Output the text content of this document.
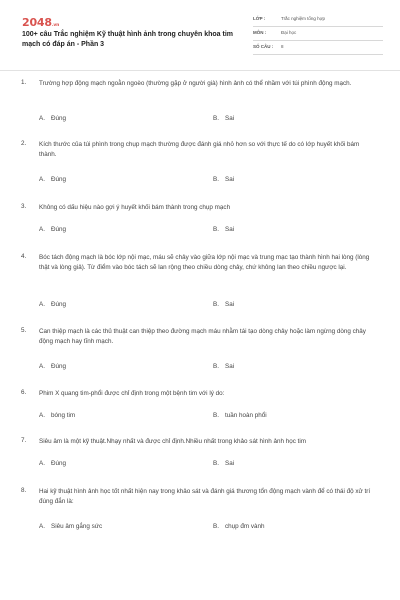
2048.vn
100+ câu Trắc nghiệm Kỹ thuật hình ảnh trong chuyên khoa tim mạch có đáp án - Phần 3
LỚP :	Trắc nghiệm tổng hợp
MÔN :	Đại học
SỐ CÂU : 8
1. Trường hợp động mạch ngoằn ngoèo (thường gặp ở người già) hình ảnh có thể nhầm với túi phình động mạch.
A. Đúng	B. Sai
2. Kích thước của túi phình trong chụp mạch thường được đánh giá nhỏ hơn so với thực tế do có lớp huyết khối bám thành.
A. Đúng	B. Sai
3. Không có dấu hiệu nào gợi ý huyết khối bám thành trong chụp mạch
A. Đúng	B. Sai
4. Bóc tách động mạch là bóc lớp nội mạc, máu sẽ chảy vào giữa lớp nội mạc và trung mạc tạo thành hình hai lòng (lòng thật và lòng giả). Từ điểm vào bóc tách sẽ lan rộng theo chiều dòng chảy, chứ không lan theo chiều ngược lại.
A. Đúng	B. Sai
5. Can thiệp mạch là các thủ thuật can thiệp theo đường mạch máu nhằm tái tạo dòng chảy hoặc làm ngừng dòng chảy động mạch hay tĩnh mạch.
A. Đúng	B. Sai
6. Phim X quang tim-phổi được chỉ định trong một bệnh tim với lý do:
A. bóng tim	B. tuần hoàn phổi
7. Siêu âm là một kỹ thuật.Nhạy nhất và được chỉ định.Nhiều nhất trong khảo sát hình ảnh học tim
A. Đúng	B. Sai
8. Hai kỹ thuật hình ảnh học tốt nhất hiện nay trong khảo sát và đánh giá thương tổn động mạch vành để có thái độ xử trí đúng đắn là:
A. Siêu âm gắng sức	B. chụp đm vành
